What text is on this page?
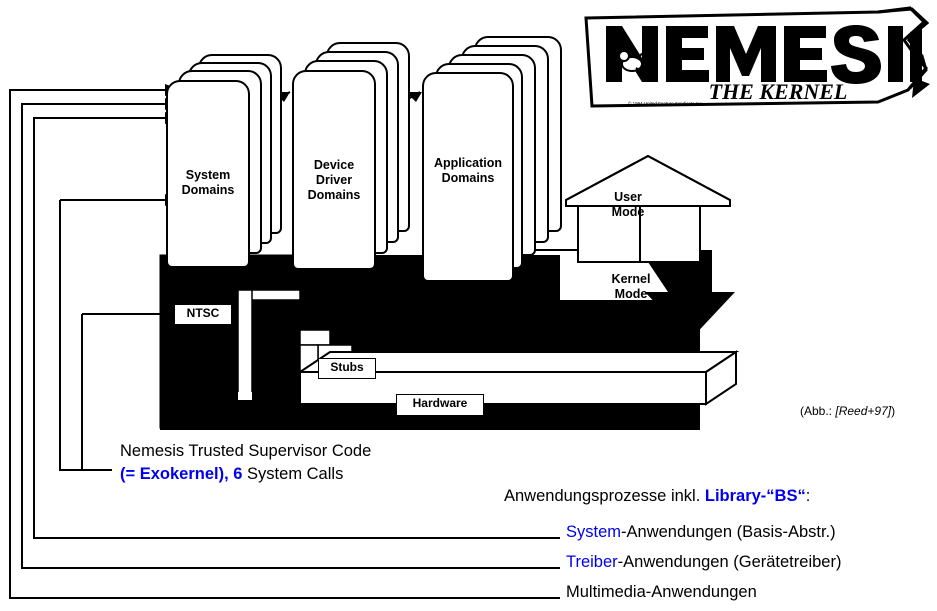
THE KERNEL
© 1994 United Feature Syndicate Inc.
System
Domains
Device
Driver
Domains
Application
Domains
User
Mode
Kernel
Mode
NTSC
Stubs
Hardware
(Abb.: [Reed+97])
Nemesis Trusted Supervisor Code
(= Exokernel), 6 System Calls
Anwendungsprozesse inkl. Library-“BS“:
System-Anwendungen (Basis-Abstr.)
Treiber-Anwendungen (Gerätetreiber)
Multimedia-Anwendungen
